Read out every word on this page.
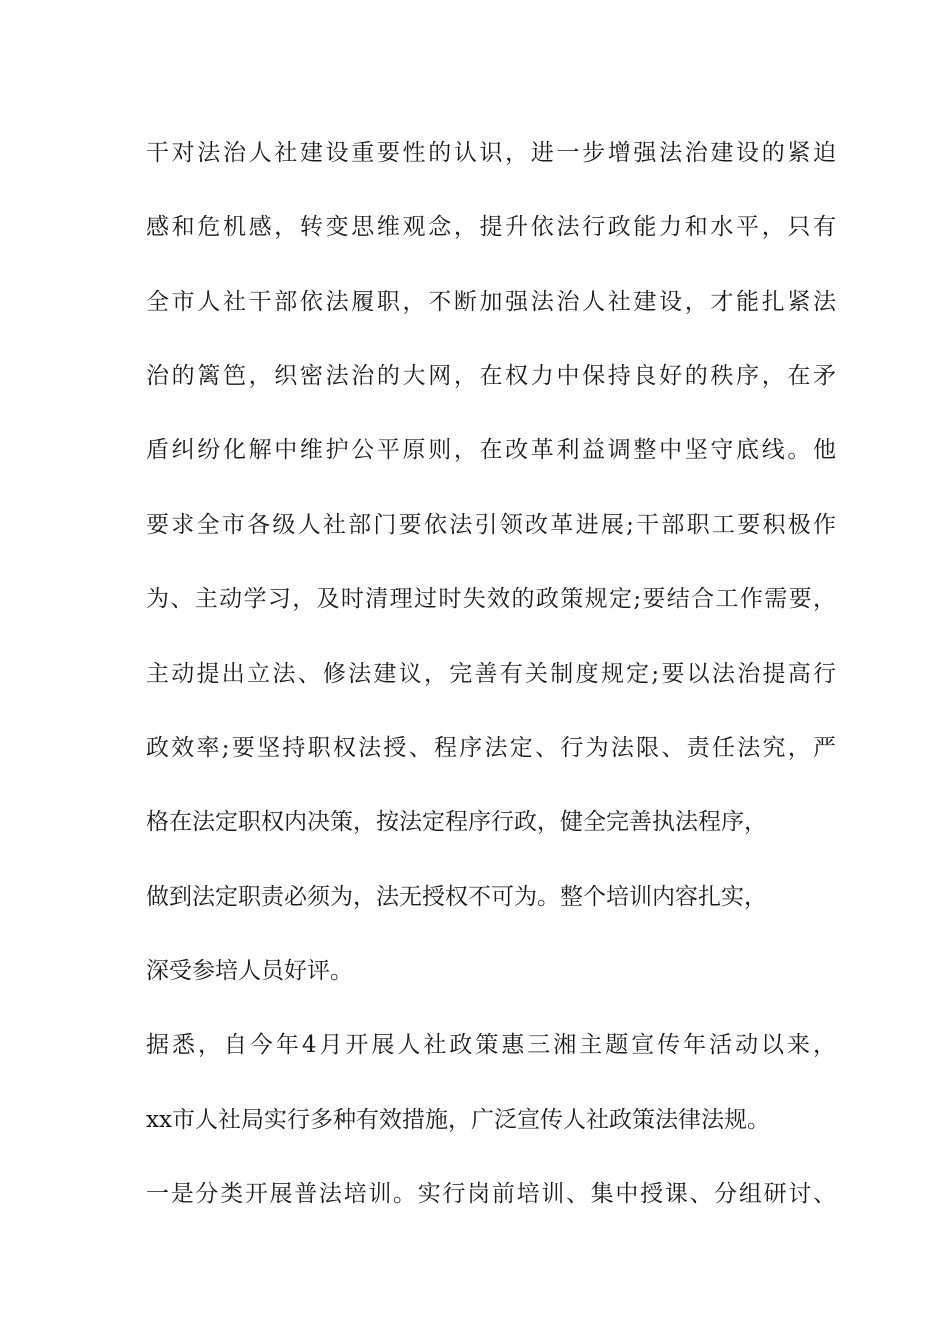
干对法治人社建设重要性的认识，进一步增强法治建设的紧迫
感和危机感，转变思维观念，提升依法行政能力和水平，只有
全市人社干部依法履职，不断加强法治人社建设，才能扎紧法
治的篱笆，织密法治的大网，在权力中保持良好的秩序，在矛
盾纠纷化解中维护公平原则，在改革利益调整中坚守底线。他
要求全市各级人社部门要依法引领改革进展;干部职工要积极作
为、主动学习，及时清理过时失效的政策规定;要结合工作需要，
主动提出立法、修法建议，完善有关制度规定;要以法治提高行
政效率;要坚持职权法授、程序法定、行为法限、责任法究，严
格在法定职权内决策，按法定程序行政，健全完善执法程序，
做到法定职责必须为，法无授权不可为。整个培训内容扎实，
深受参培人员好评。
据悉，自今年4月开展人社政策惠三湘主题宣传年活动以来，
xx市人社局实行多种有效措施，广泛宣传人社政策法律法规。
一是分类开展普法培训。实行岗前培训、集中授课、分组研讨、
